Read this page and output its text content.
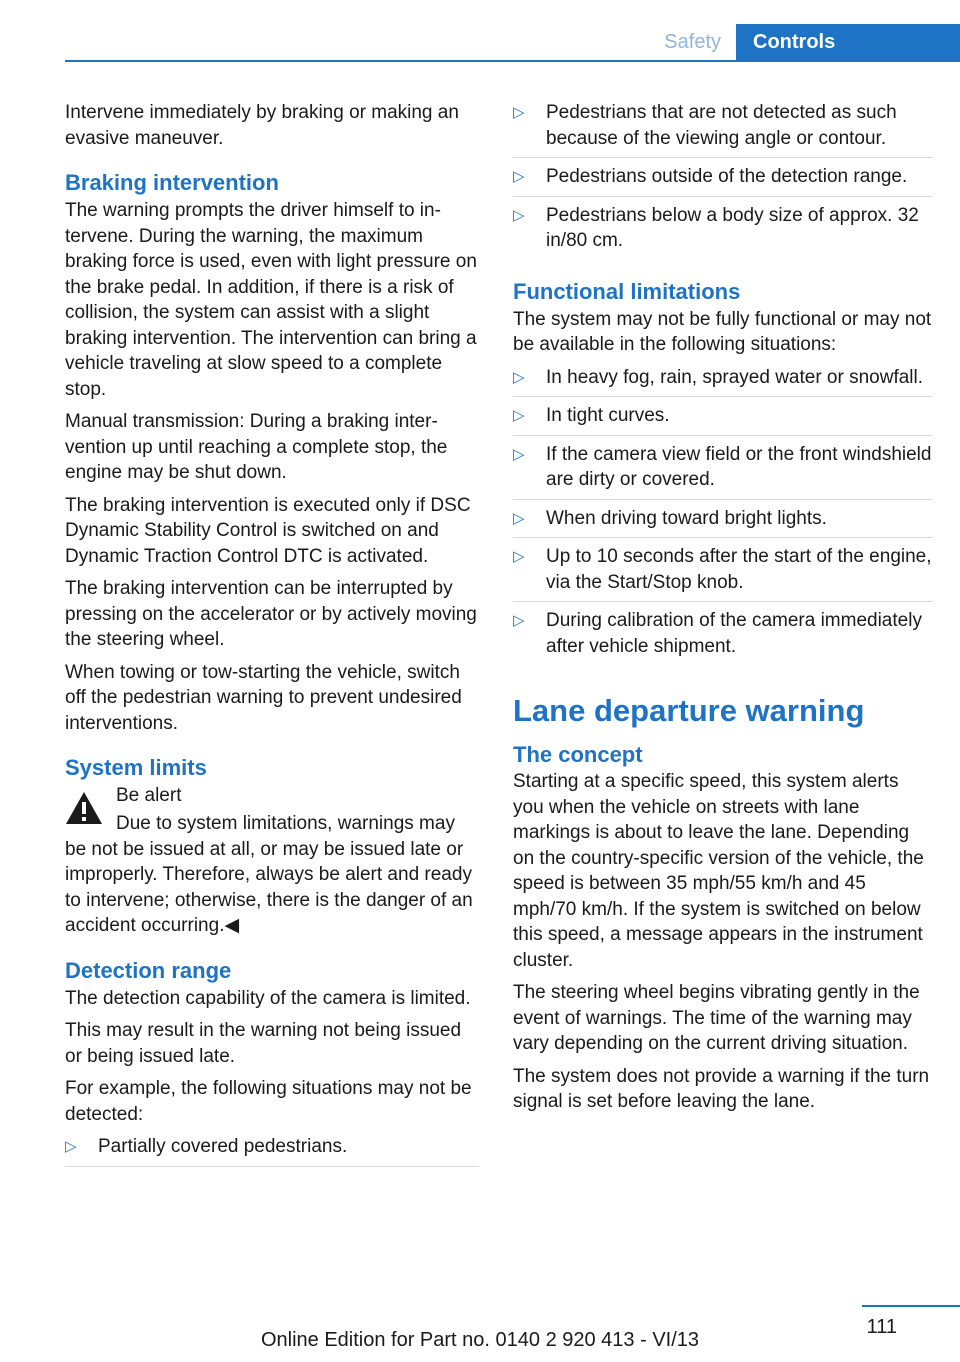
Safety	Controls

Intervene immediately by braking or making an evasive maneuver.

Braking intervention

The warning prompts the driver himself to intervene. During the warning, the maximum braking force is used, even with light pressure on the brake pedal. In addition, if there is a risk of collision, the system can assist with a slight braking intervention. The intervention can bring a vehicle traveling at slow speed to a complete stop.

Manual transmission: During a braking intervention up until reaching a complete stop, the engine may be shut down.

The braking intervention is executed only if DSC Dynamic Stability Control is switched on and Dynamic Traction Control DTC is activated.

The braking intervention can be interrupted by pressing on the accelerator or by actively moving the steering wheel.

When towing or tow-starting the vehicle, switch off the pedestrian warning to prevent undesired interventions.

System limits

Be alert

Due to system limitations, warnings may be not be issued at all, or may be issued late or improperly. Therefore, always be alert and ready to intervene; otherwise, there is the danger of an accident occurring.◀

Detection range

The detection capability of the camera is limited.

This may result in the warning not being issued or being issued late.

For example, the following situations may not be detected:

▷ Partially covered pedestrians.
▷ Pedestrians that are not detected as such because of the viewing angle or contour.
▷ Pedestrians outside of the detection range.
▷ Pedestrians below a body size of approx. 32 in/80 cm.
Functional limitations

The system may not be fully functional or may not be available in the following situations:

▷ In heavy fog, rain, sprayed water or snowfall.
▷ In tight curves.
▷ If the camera view field or the front windshield are dirty or covered.
▷ When driving toward bright lights.
▷ Up to 10 seconds after the start of the engine, via the Start/Stop knob.
▷ During calibration of the camera immediately after vehicle shipment.
Lane departure warning
The concept

Starting at a specific speed, this system alerts you when the vehicle on streets with lane markings is about to leave the lane. Depending on the country-specific version of the vehicle, the speed is between 35 mph/55 km/h and 45 mph/70 km/h. If the system is switched on below this speed, a message appears in the instrument cluster.

The steering wheel begins vibrating gently in the event of warnings. The time of the warning may vary depending on the current driving situation.

The system does not provide a warning if the turn signal is set before leaving the lane.

111
Online Edition for Part no. 0140 2 920 413 - VI/13
